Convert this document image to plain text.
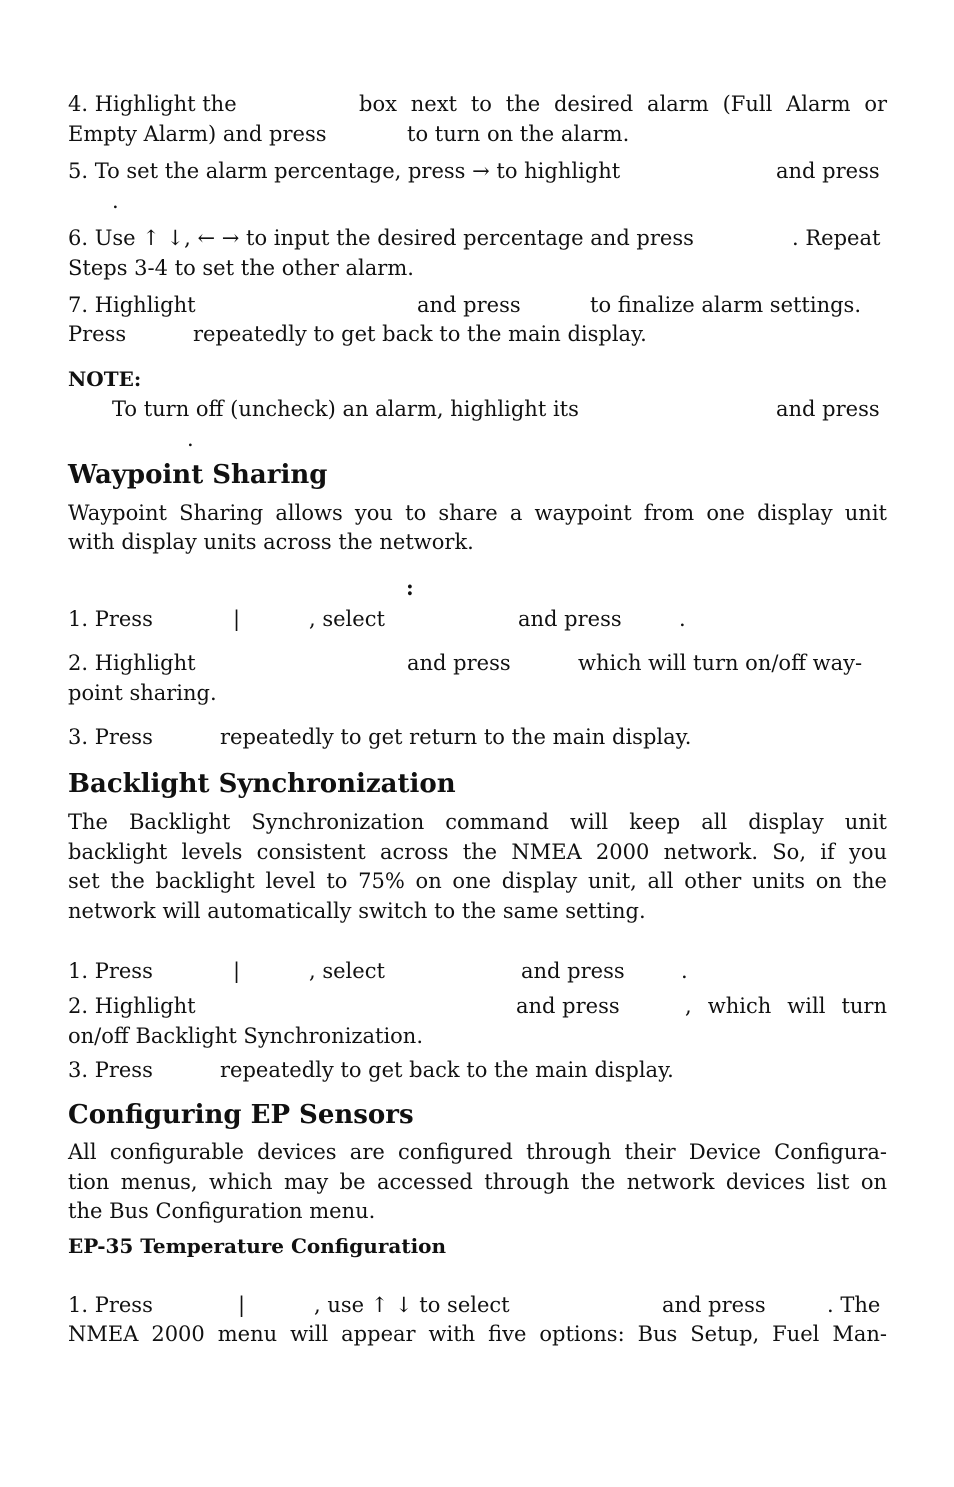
4. Highlight the	box next to the desired alarm (Full Alarm or
Empty Alarm) and press	to turn on the alarm.
5. To set the alarm percentage, press → to highlight	and press
.
6. Use ↑ ↓, ← → to input the desired percentage and press	. Repeat
Steps 3-4 to set the other alarm.
7. Highlight	and press	to finalize alarm settings.
Press	repeatedly to get back to the main display.
NOTE:
To turn off (uncheck) an alarm, highlight its	and press
.
Waypoint Sharing
Waypoint Sharing allows you to share a waypoint from one display unit
with display units across the network.
:
1. Press	|	, select	and press	.
2. Highlight	and press	which will turn on/off way-
point sharing.
3. Press	repeatedly to get return to the main display.
Backlight Synchronization
The Backlight Synchronization command will keep all display unit
backlight levels consistent across the NMEA 2000 network. So, if you
set the backlight level to 75% on one display unit, all other units on the
network will automatically switch to the same setting.
1. Press	|	, select	and press	.
2. Highlight	and press	, which will turn
on/off Backlight Synchronization.
3. Press	repeatedly to get back to the main display.
Configuring EP Sensors
All configurable devices are configured through their Device Configura-
tion menus, which may be accessed through the network devices list on
the Bus Configuration menu.
EP-35 Temperature Configuration
1. Press	|	, use ↑ ↓ to select	and press	. The
NMEA 2000 menu will appear with five options: Bus Setup, Fuel Man-
